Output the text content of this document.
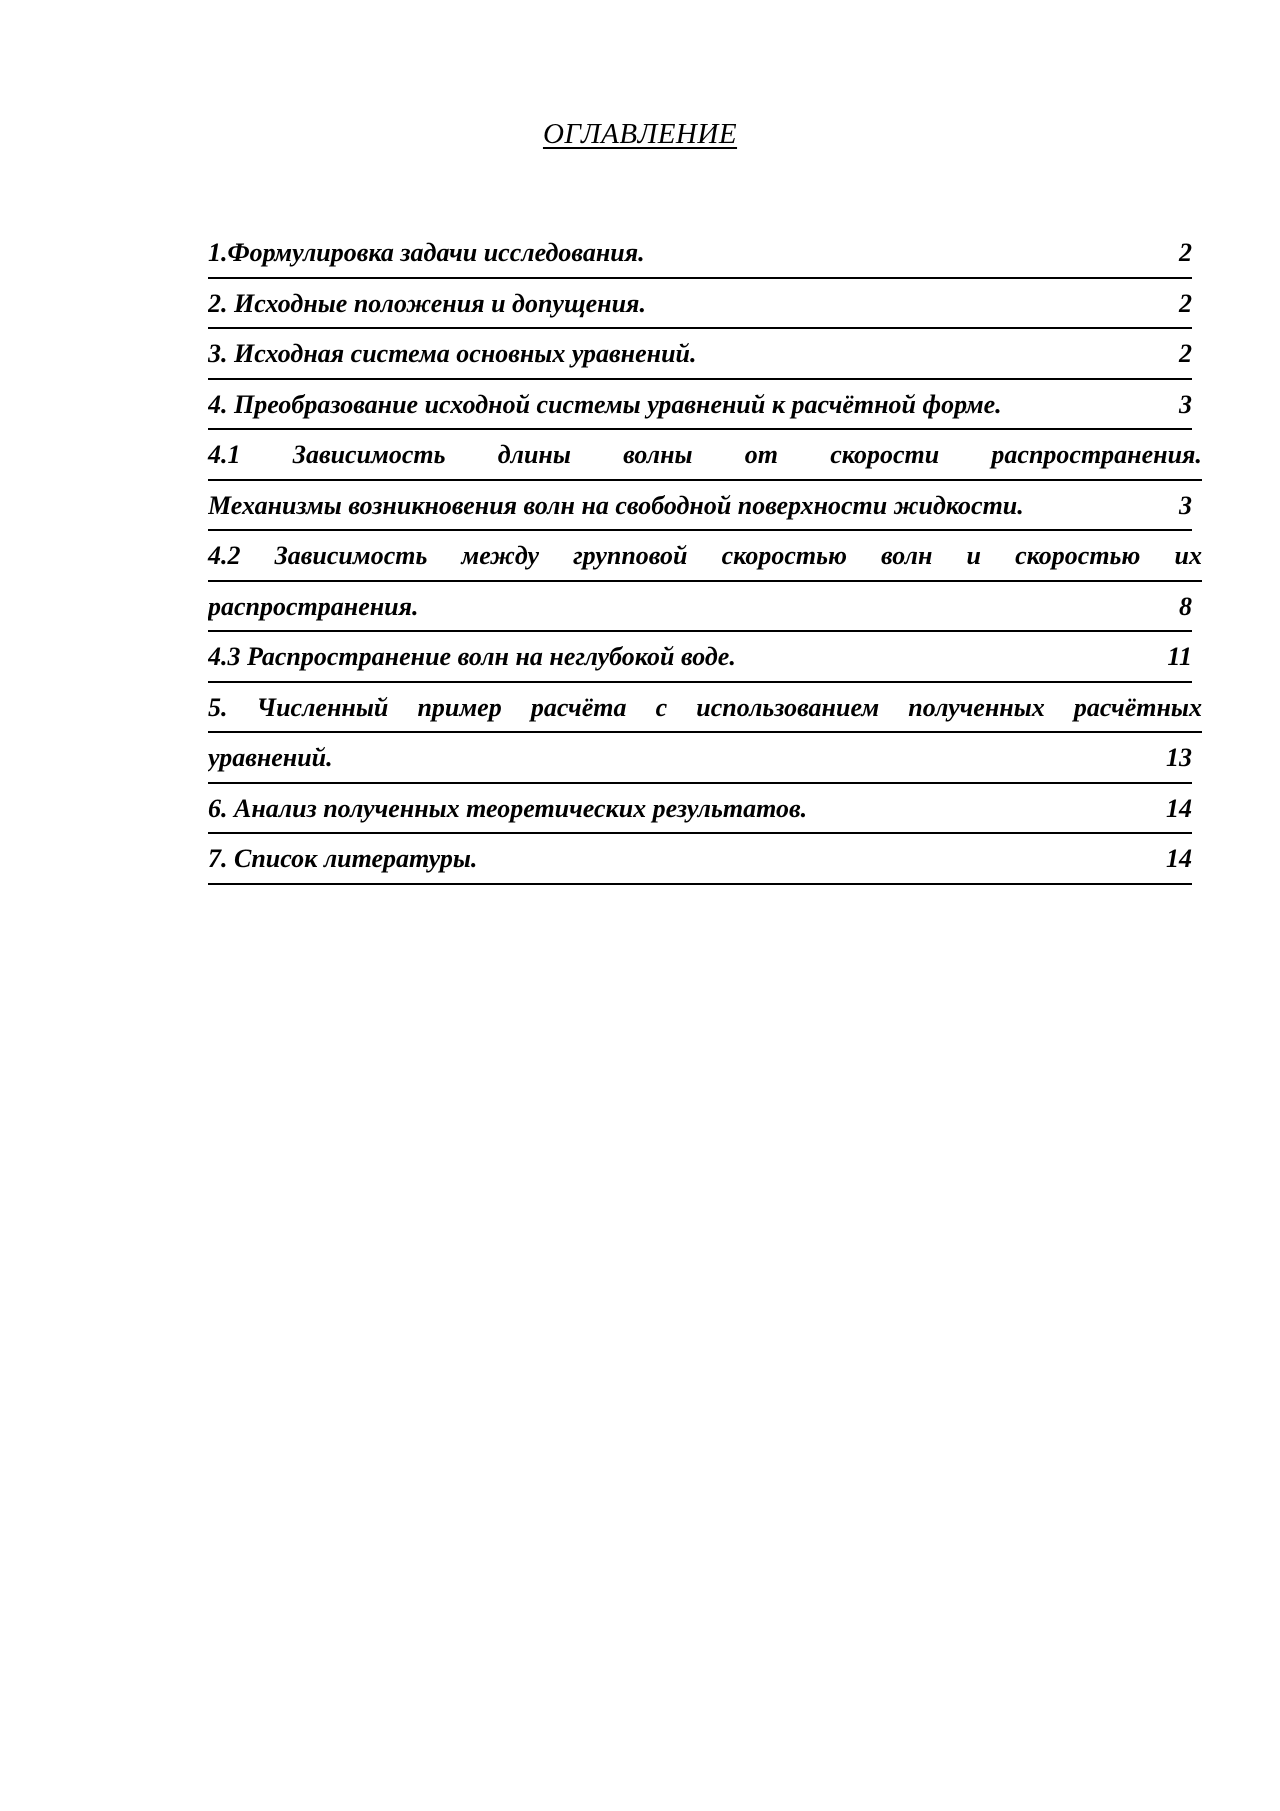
ОГЛАВЛЕНИЕ
1.Формулировка задачи исследования.	2
2. Исходные положения и допущения.	2
3. Исходная система основных уравнений.	2
4. Преобразование исходной системы уравнений к расчётной форме.	3
4.1 Зависимость длины волны от скорости распространения.
Механизмы возникновения волн на свободной поверхности жидкости.	3
4.2 Зависимость между групповой скоростью волн и скоростью их
распространения.	8
4.3 Распространение волн на неглубокой воде.	11
5. Численный пример расчёта с использованием полученных расчётных
уравнений.	13
6. Анализ полученных теоретических результатов.	14
7. Список литературы.	14
